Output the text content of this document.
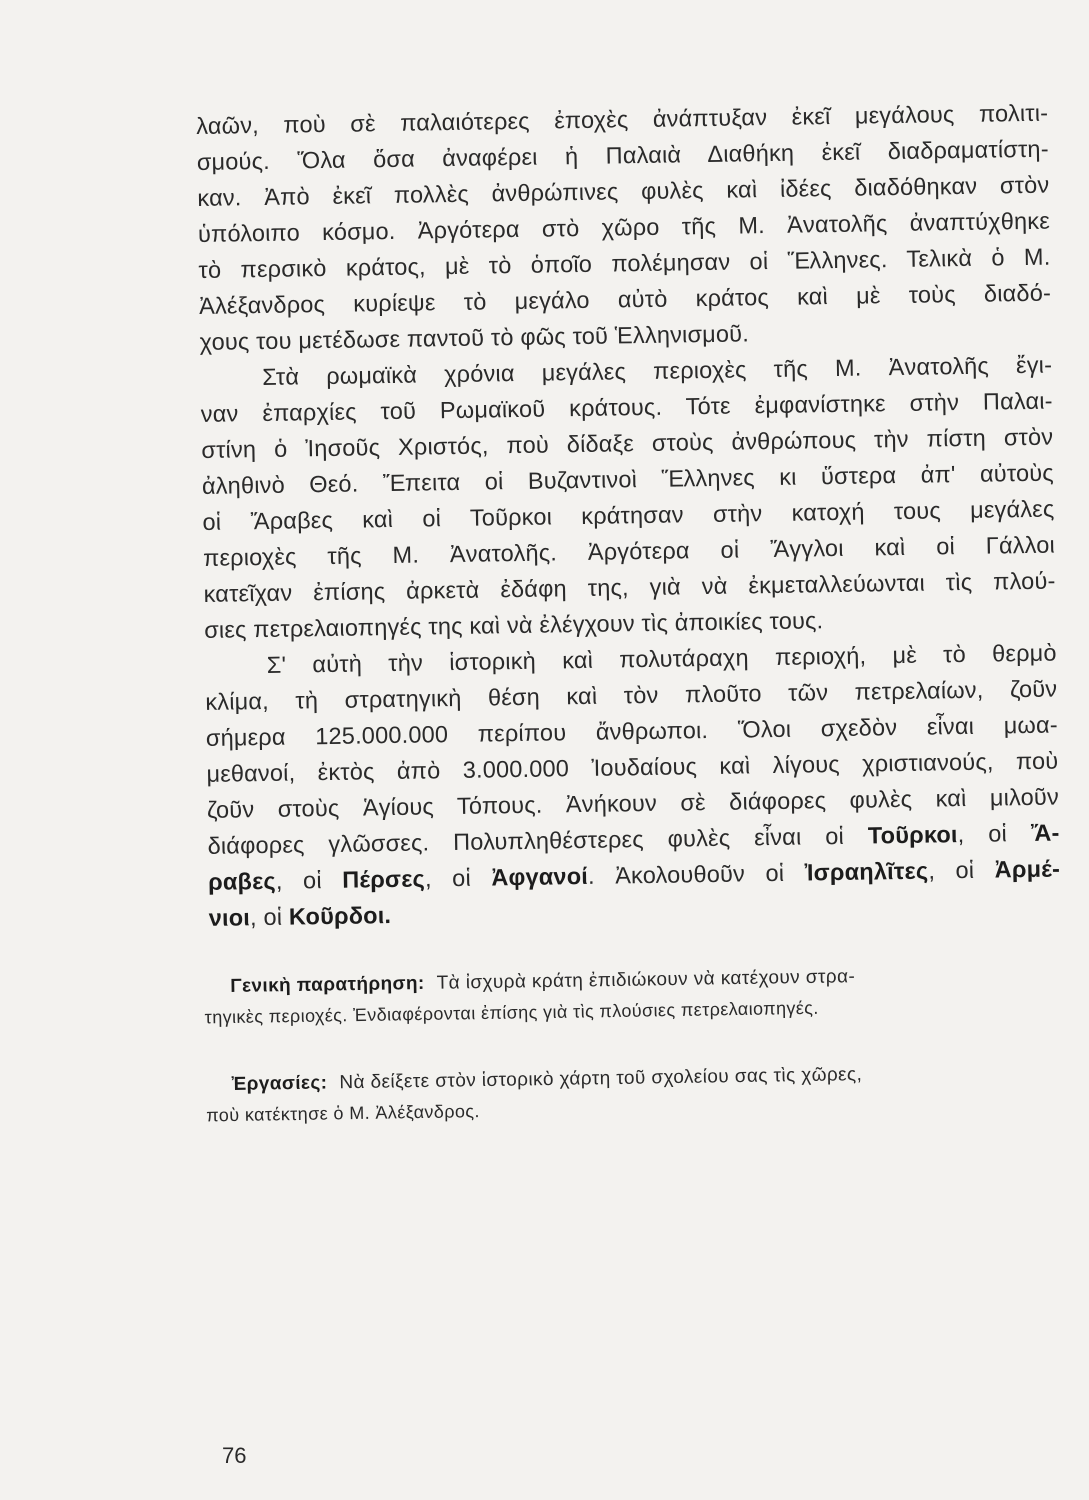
λαῶν, ποὺ σὲ παλαιότερες ἐποχὲς ἀνάπτυξαν ἐκεῖ μεγάλους πολιτι-
σμούς. Ὅλα ὅσα ἀναφέρει ἡ Παλαιὰ Διαθήκη ἐκεῖ διαδραματίστη-
καν. Ἀπὸ ἐκεῖ πολλὲς ἀνθρώπινες φυλὲς καὶ ἰδέες διαδόθηκαν στὸν
ὑπόλοιπο κόσμο. Ἀργότερα στὸ χῶρο τῆς Μ. Ἀνατολῆς ἀναπτύχθηκε
τὸ περσικὸ κράτος, μὲ τὸ ὁποῖο πολέμησαν οἱ Ἕλληνες. Τελικὰ ὁ Μ.
Ἀλέξανδρος κυρίεψε τὸ μεγάλο αὐτὸ κράτος καὶ μὲ τοὺς διαδό-
χους του μετέδωσε παντοῦ τὸ φῶς τοῦ Ἑλληνισμοῦ.
Στὰ ρωμαϊκὰ χρόνια μεγάλες περιοχὲς τῆς Μ. Ἀνατολῆς ἔγι-
ναν ἐπαρχίες τοῦ Ρωμαϊκοῦ κράτους. Τότε ἐμφανίστηκε στὴν Παλαι-
στίνη ὁ Ἰησοῦς Χριστός, ποὺ δίδαξε στοὺς ἀνθρώπους τὴν πίστη στὸν
ἀληθινὸ Θεό. Ἔπειτα οἱ Βυζαντινοὶ Ἕλληνες κι ὕστερα ἀπ' αὐτοὺς
οἱ Ἄραβες καὶ οἱ Τοῦρκοι κράτησαν στὴν κατοχή τους μεγάλες
περιοχὲς τῆς Μ. Ἀνατολῆς. Ἀργότερα οἱ Ἄγγλοι καὶ οἱ Γάλλοι
κατεῖχαν ἐπίσης ἀρκετὰ ἐδάφη της, γιὰ νὰ ἐκμεταλλεύωνται τὶς πλού-
σιες πετρελαιοπηγές της καὶ νὰ ἐλέγχουν τὶς ἀποικίες τους.
Σ' αὐτὴ τὴν ἱστορικὴ καὶ πολυτάραχη περιοχή, μὲ τὸ θερμὸ
κλίμα, τὴ στρατηγικὴ θέση καὶ τὸν πλοῦτο τῶν πετρελαίων, ζοῦν
σήμερα 125.000.000 περίπου ἄνθρωποι. Ὅλοι σχεδὸν εἶναι μωα-
μεθανοί, ἐκτὸς ἀπὸ 3.000.000 Ἰουδαίους καὶ λίγους χριστιανούς, ποὺ
ζοῦν στοὺς Ἁγίους Τόπους. Ἀνήκουν σὲ διάφορες φυλὲς καὶ μιλοῦν
διάφορες γλῶσσες. Πολυπληθέστερες φυλὲς εἶναι οἱ Τοῦρκοι, οἱ Ἄ-
ραβες, οἱ Πέρσες, οἱ Ἀφγανοί. Ἀκολουθοῦν οἱ Ἰσραηλῖτες, οἱ Ἀρμέ-
νιοι, οἱ Κοῦρδοι.
Γενικὴ παρατήρηση: Τὰ ἰσχυρὰ κράτη ἐπιδιώκουν νὰ κατέχουν στρα-
τηγικὲς περιοχές. Ἐνδιαφέρονται ἐπίσης γιὰ τὶς πλούσιες πετρελαιοπηγές.
Ἐργασίες: Νὰ δείξετε στὸν ἱστορικὸ χάρτη τοῦ σχολείου σας τὶς χῶρες,
ποὺ κατέκτησε ὁ Μ. Ἀλέξανδρος.
76
